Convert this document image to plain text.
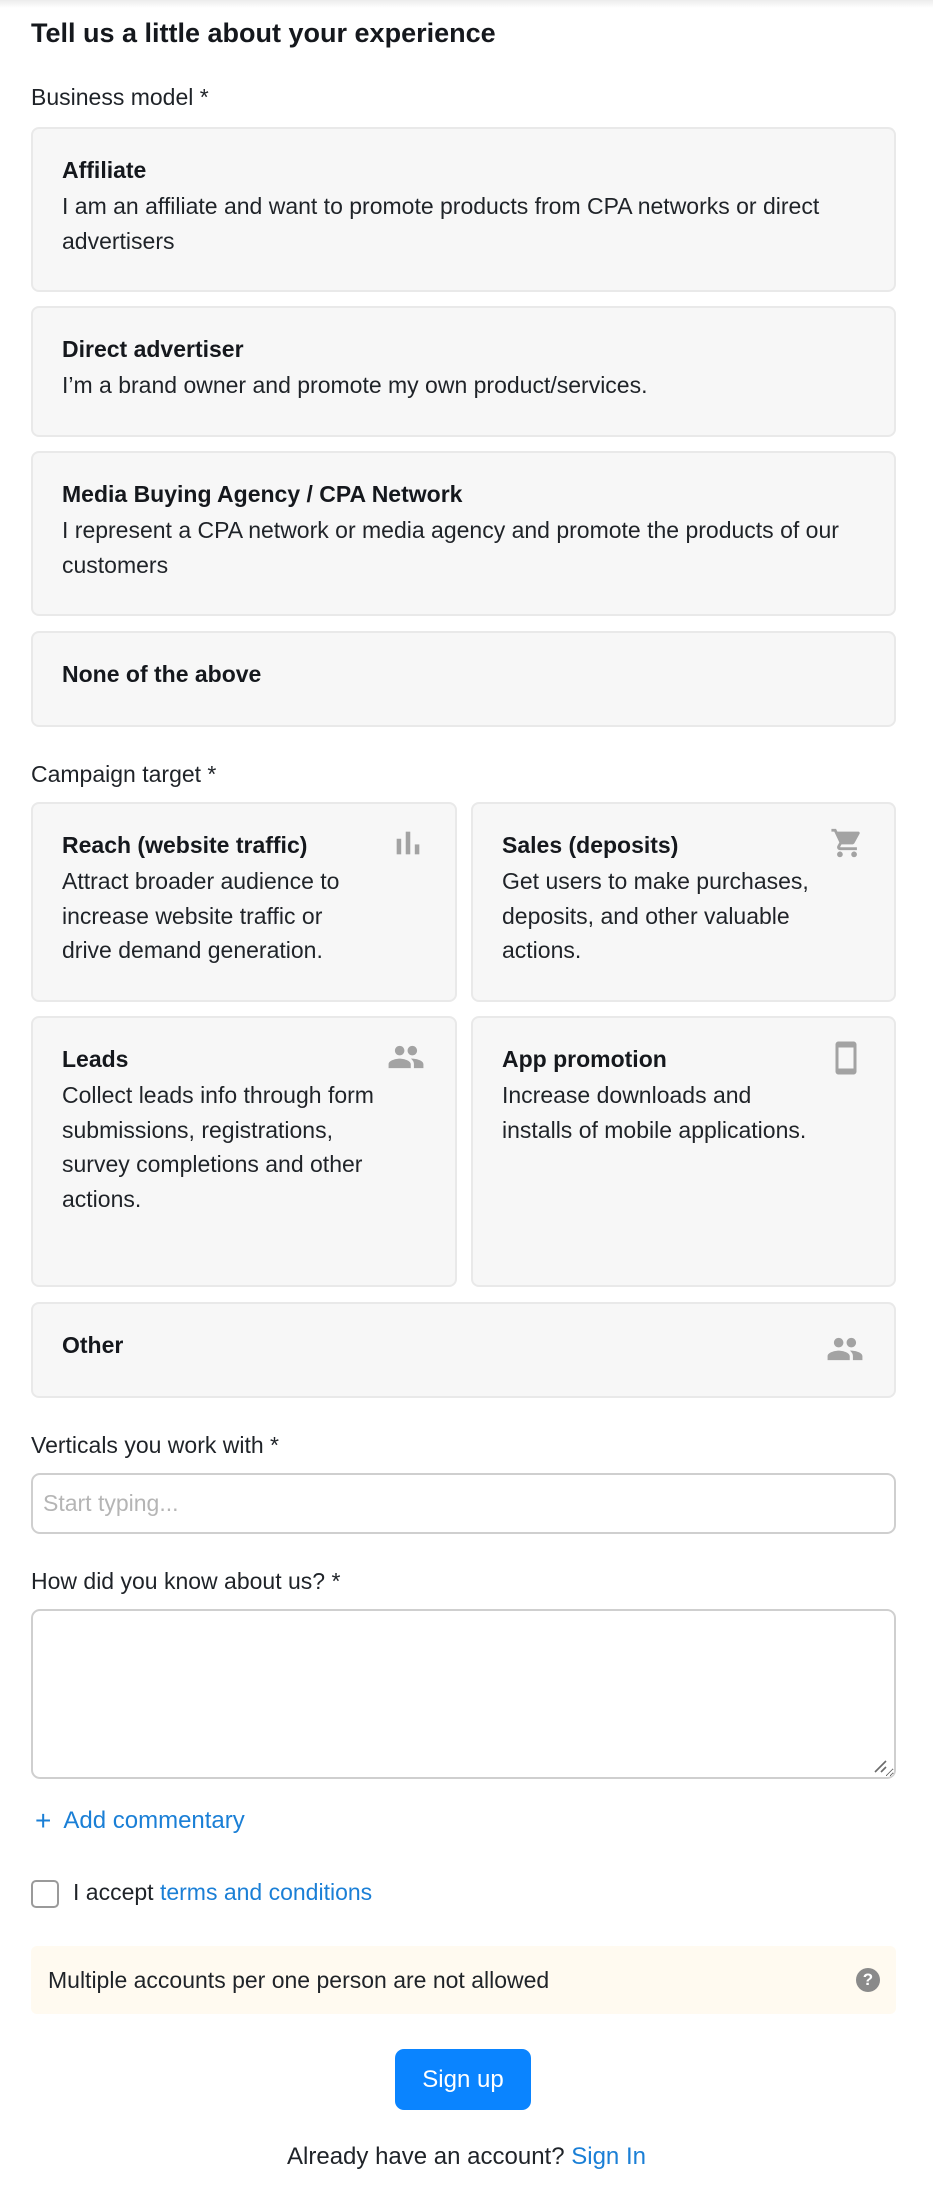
Tell us a little about your experience
Business model *
Affiliate
I am an affiliate and want to promote products from CPA networks or direct advertisers
Direct advertiser
I’m a brand owner and promote my own product/services.
Media Buying Agency / CPA Network
I represent a CPA network or media agency and promote the products of our customers
None of the above
Campaign target *
Reach (website traffic)
Attract broader audience to increase website traffic or drive demand generation.
Sales (deposits)
Get users to make purchases, deposits, and other valuable actions.
Leads
Collect leads info through form submissions, registrations, survey completions and other actions.
App promotion
Increase downloads and installs of mobile applications.
Other
Verticals you work with *
Start typing...
How did you know about us? *
+ Add commentary
I accept terms and conditions
Multiple accounts per one person are not allowed	?
Sign up
Already have an account? Sign In
